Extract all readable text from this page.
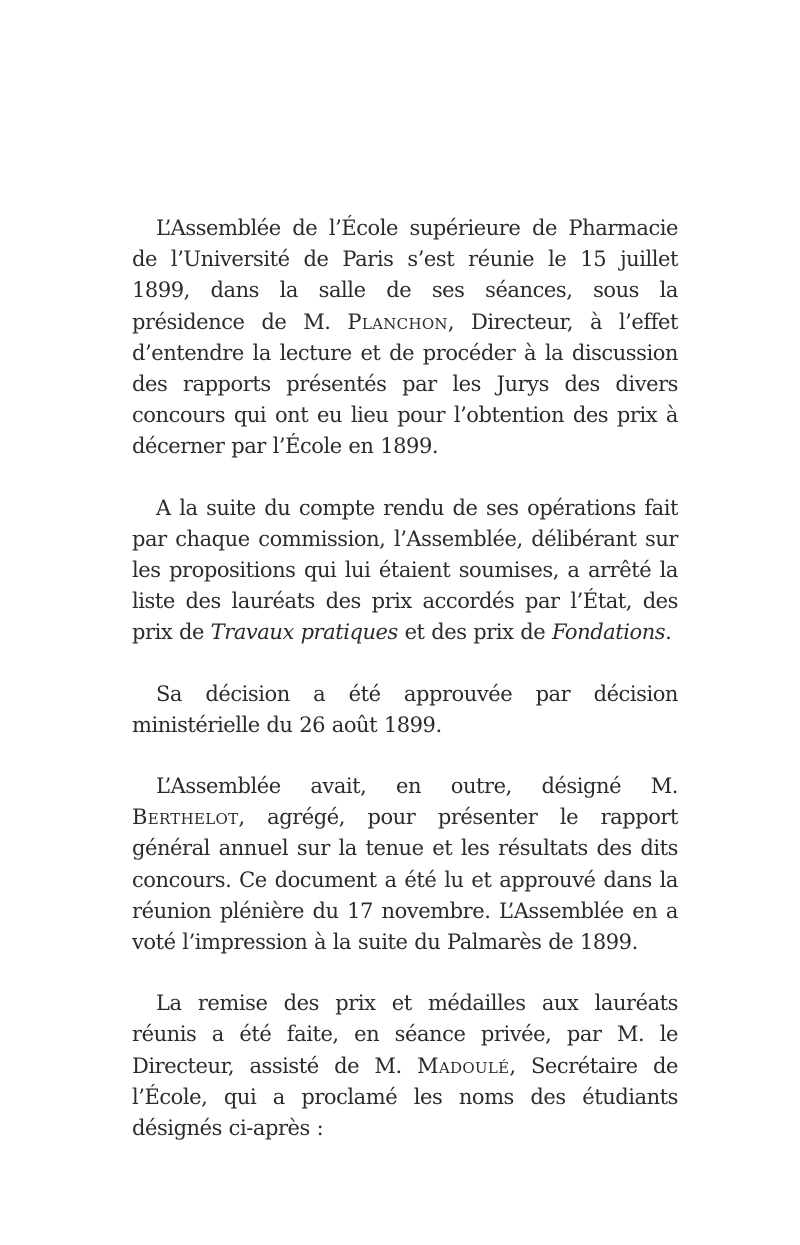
L’Assemblée de l’École supérieure de Pharmacie de l’Université de Paris s’est réunie le 15 juillet 1899, dans la salle de ses séances, sous la présidence de M. Planchon, Directeur, à l’effet d’entendre la lecture et de procéder à la discussion des rapports présentés par les Jurys des divers concours qui ont eu lieu pour l’obtention des prix à décerner par l’École en 1899.

A la suite du compte rendu de ses opérations fait par chaque commission, l’Assemblée, délibérant sur les propositions qui lui étaient soumises, a arrêté la liste des lauréats des prix accordés par l’État, des prix de Travaux pratiques et des prix de Fondations.

Sa décision a été approuvée par décision ministérielle du 26 août 1899.

L’Assemblée avait, en outre, désigné M. Berthelot, agrégé, pour présenter le rapport général annuel sur la tenue et les résultats des dits concours. Ce document a été lu et approuvé dans la réunion plénière du 17 novembre. L’Assemblée en a voté l’impression à la suite du Palmarès de 1899.

La remise des prix et médailles aux lauréats réunis a été faite, en séance privée, par M. le Directeur, assisté de M. Madoulé, Secrétaire de l’École, qui a proclamé les noms des étudiants désignés ci-après :
